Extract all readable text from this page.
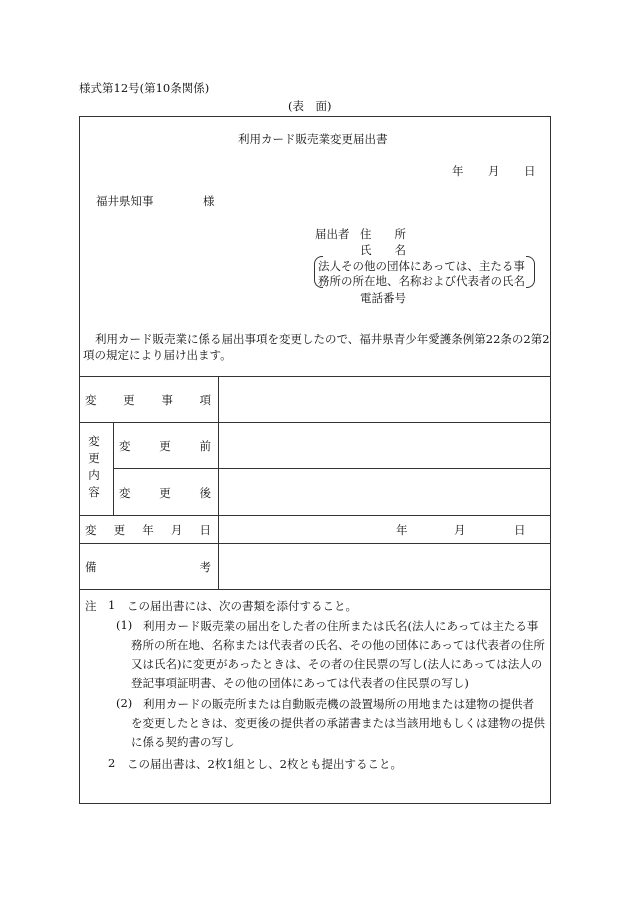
様式第12号(第10条関係)
(表　面)
利用カード販売業変更届出書
年 月 日
福井県知事	様
届出者 住　　所
氏　　名
法人その他の団体にあっては、主たる事
務所の所在地、名称および代表者の氏名
電話番号
利用カード販売業に係る届出事項を変更したので、福井県青少年愛護条例第22条の2第2
項の規定により届け出ます。
変 更 事 項
変
更
内
容
変	更	前
変	更	後
変 更 年 月 日	年	月	日
備	考
注 1 この届出書には、次の書類を添付すること。
(1) 利用カード販売業の届出をした者の住所または氏名(法人にあっては主たる事
務所の所在地、名称または代表者の氏名、その他の団体にあっては代表者の住所
又は氏名)に変更があったときは、その者の住民票の写し(法人にあっては法人の
登記事項証明書、その他の団体にあっては代表者の住民票の写し)
(2) 利用カードの販売所または自動販売機の設置場所の用地または建物の提供者
を変更したときは、変更後の提供者の承諾書または当該用地もしくは建物の提供
に係る契約書の写し
2 この届出書は、2枚1組とし、2枚とも提出すること。
